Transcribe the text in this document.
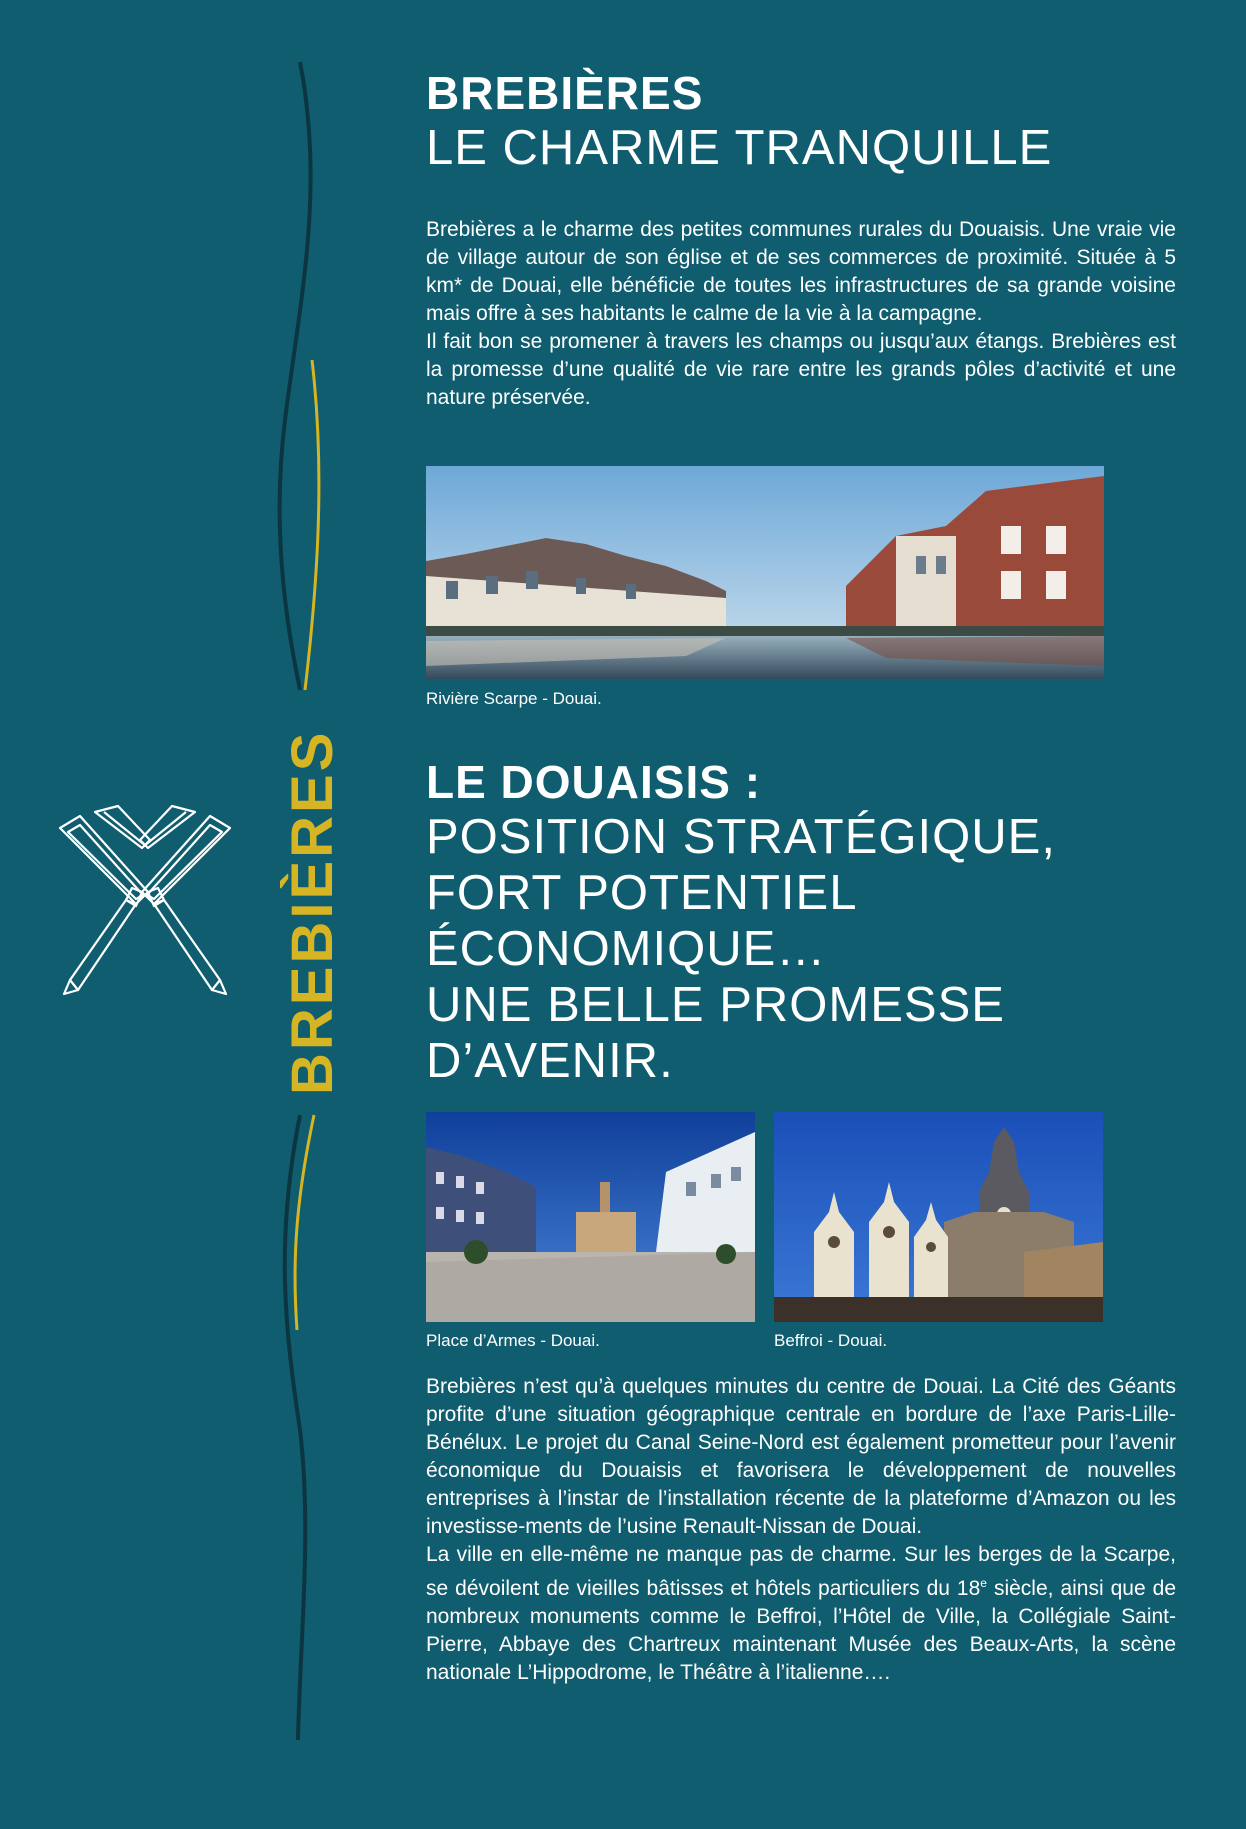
BREBIÈRES
BREBIÈRES
LE CHARME TRANQUILLE

Brebières a le charme des petites communes rurales du Douaisis. Une vraie vie de village autour de son église et de ses commerces de proximité. Située à 5 km* de Douai, elle bénéficie de toutes les infrastructures de sa grande voisine mais offre à ses habitants le calme de la vie à la campagne.

Il fait bon se promener à travers les champs ou jusqu’aux étangs. Brebières est la promesse d’une qualité de vie rare entre les grands pôles d’activité et une nature préservée.

Rivière Scarpe - Douai.
LE DOUAISIS :
POSITION STRATÉGIQUE,
FORT POTENTIEL
ÉCONOMIQUE…
UNE BELLE PROMESSE
D’AVENIR.
Place d’Armes - Douai.	Beffroi - Douai.

Brebières n’est qu’à quelques minutes du centre de Douai. La Cité des Géants profite d’une situation géographique centrale en bordure de l’axe Paris-Lille-Bénélux. Le projet du Canal Seine-Nord est également prometteur pour l’avenir économique du Douaisis et favorisera le développement de nouvelles entreprises à l’instar de l’installation récente de la plateforme d’Amazon ou les investisse-ments de l’usine Renault-Nissan de Douai.

La ville en elle-même ne manque pas de charme. Sur les berges de la Scarpe, se dévoilent de vieilles bâtisses et hôtels particuliers du 18e siècle, ainsi que de nombreux monuments comme le Beffroi, l’Hôtel de Ville, la Collégiale Saint-Pierre, Abbaye des Chartreux maintenant Musée des Beaux-Arts, la scène nationale L’Hippodrome, le Théâtre à l’italienne….
